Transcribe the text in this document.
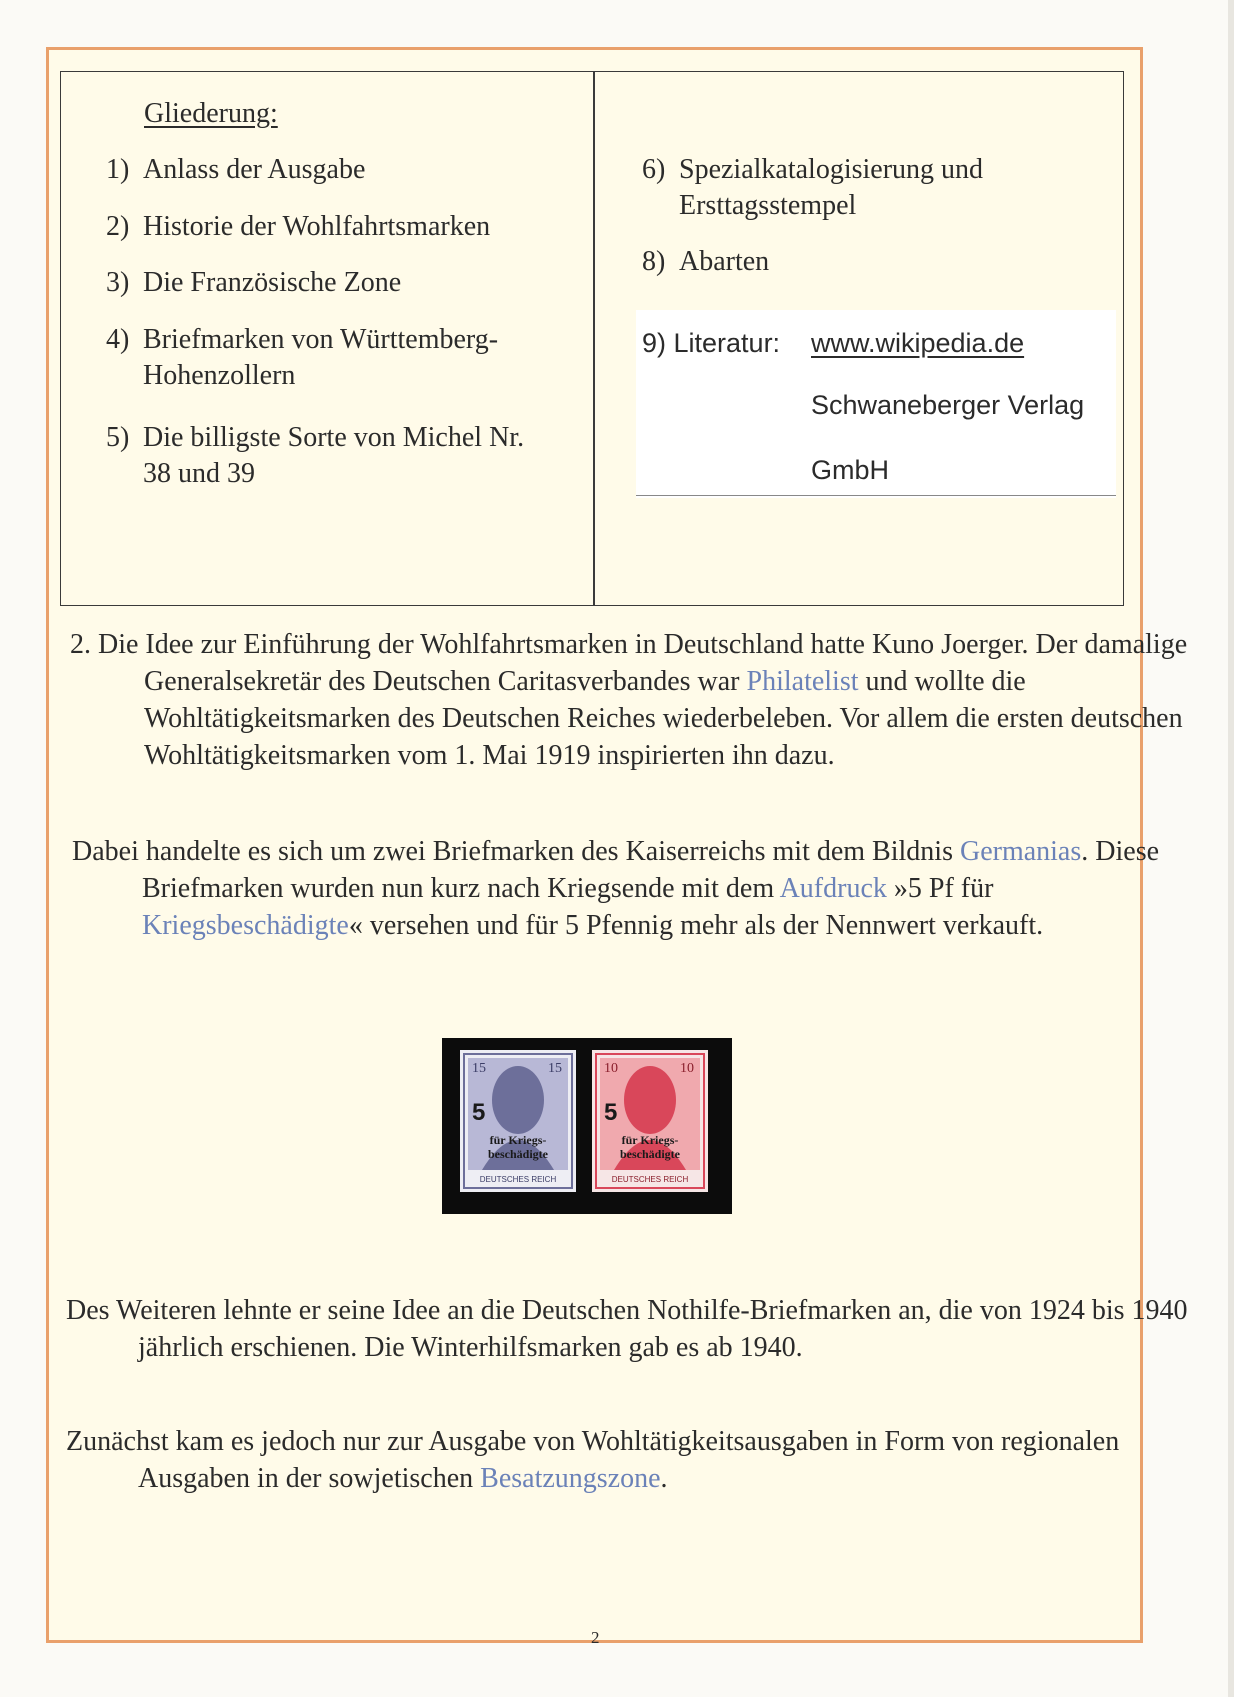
Gliederung:
1) Anlass der Ausgabe
2) Historie der Wohlfahrtsmarken
3) Die Französische Zone
4) Briefmarken von Württemberg-Hohenzollern
5) Die billigste Sorte von Michel Nr. 38 und 39
6) Spezialkatalogisierung und Ersttagsstempel
8) Abarten
9) Literatur: www.wikipedia.de
Schwaneberger Verlag
GmbH

2. Die Idee zur Einführung der Wohlfahrtsmarken in Deutschland hatte Kuno Joerger. Der damalige Generalsekretär des Deutschen Caritasverbandes war Philatelist und wollte die Wohltätigkeitsmarken des Deutschen Reiches wiederbeleben. Vor allem die ersten deutschen Wohltätigkeitsmarken vom 1. Mai 1919 inspirierten ihn dazu.

Dabei handelte es sich um zwei Briefmarken des Kaiserreichs mit dem Bildnis Germanias. Diese Briefmarken wurden nun kurz nach Kriegsende mit dem Aufdruck »5 Pf für Kriegsbeschädigte« versehen und für 5 Pfennig mehr als der Nennwert verkauft.

15	15
5
für Kriegs-
beschädigte
DEUTSCHES REICH
10	10
5
für Kriegs-
beschädigte
DEUTSCHES REICH

Des Weiteren lehnte er seine Idee an die Deutschen Nothilfe-Briefmarken an, die von 1924 bis 1940 jährlich erschienen. Die Winterhilfsmarken gab es ab 1940.

Zunächst kam es jedoch nur zur Ausgabe von Wohltätigkeitsausgaben in Form von regionalen Ausgaben in der sowjetischen Besatzungszone.

2
